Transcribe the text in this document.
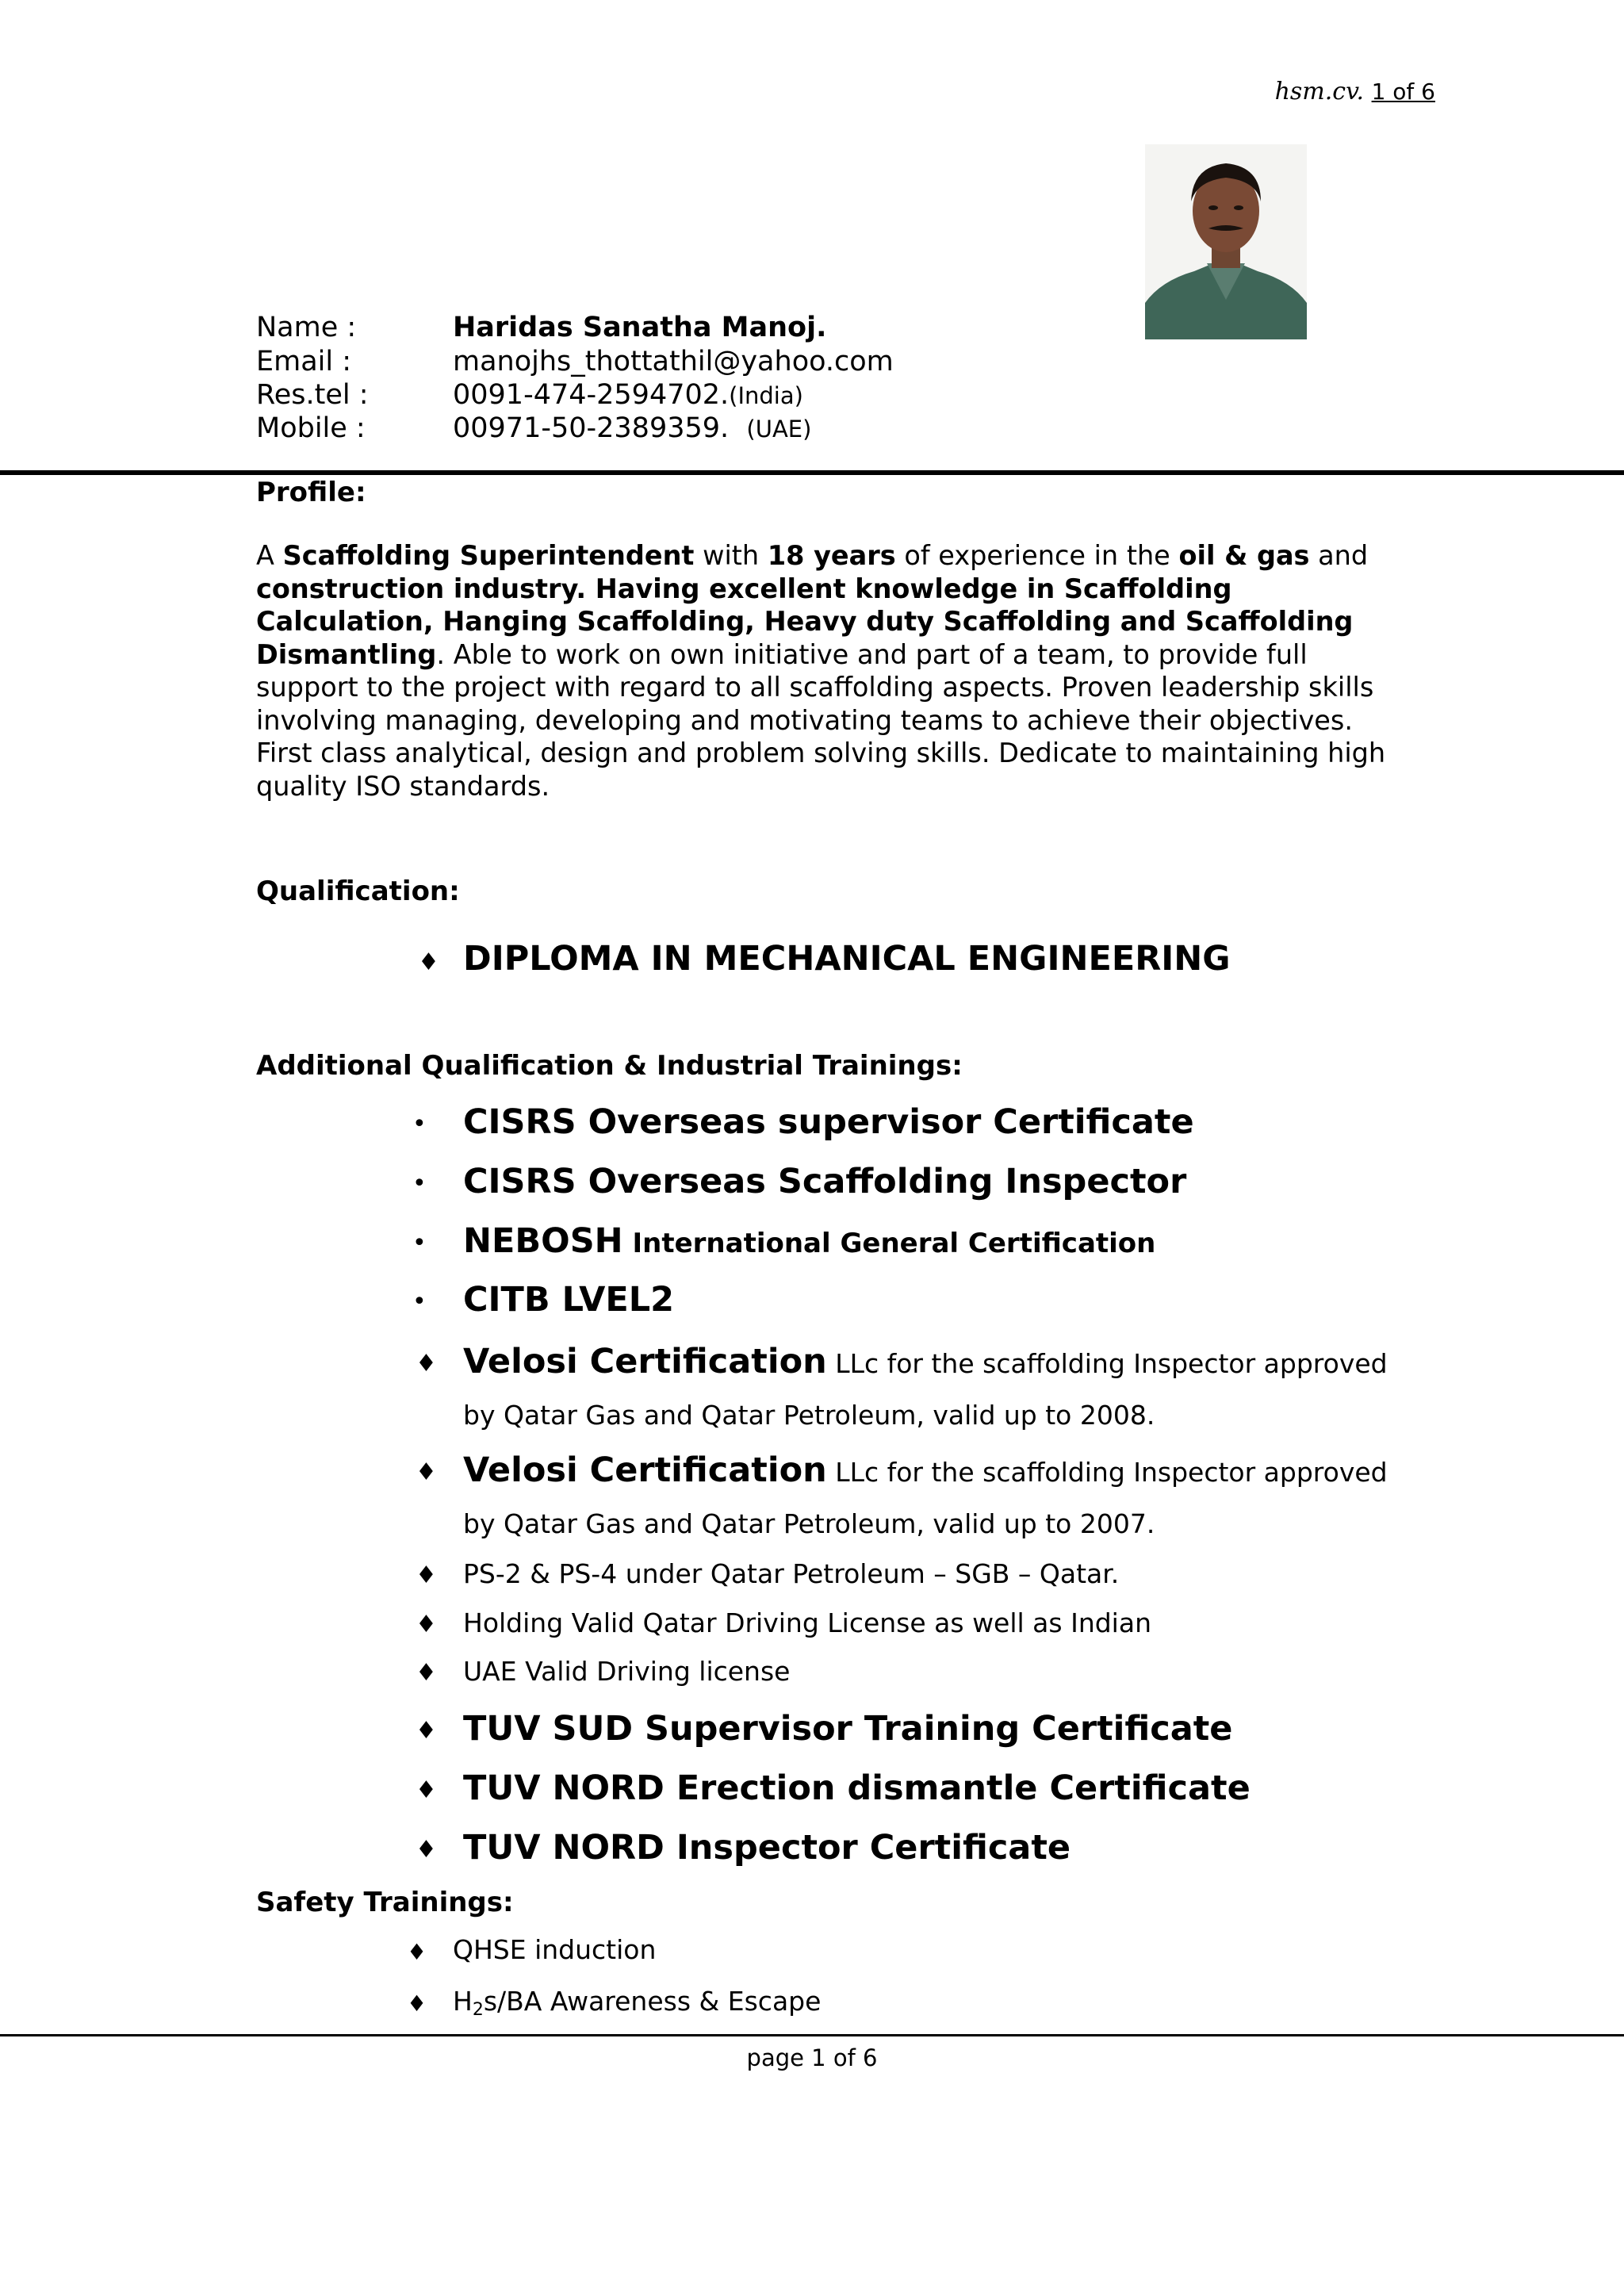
hsm.cv. 1 of 6
Name :	Haridas Sanatha Manoj.
Email :	manojhs_thottathil@yahoo.com
Res.tel :	0091-474-2594702.(India)
Mobile :	00971-50-2389359. (UAE)
Profile:
A Scaffolding Superintendent with 18 years of experience in the oil & gas and
construction industry. Having excellent knowledge in Scaffolding
Calculation, Hanging Scaffolding, Heavy duty Scaffolding and Scaffolding
Dismantling. Able to work on own initiative and part of a team, to provide full
support to the project with regard to all scaffolding aspects. Proven leadership skills
involving managing, developing and motivating teams to achieve their objectives.
First class analytical, design and problem solving skills. Dedicate to maintaining high
quality ISO standards.
Qualification:
♦ DIPLOMA IN MECHANICAL ENGINEERING
Additional Qualification & Industrial Trainings:
• CISRS Overseas supervisor Certificate
• CISRS Overseas Scaffolding Inspector
• NEBOSH International General Certification
• CITB LVEL2
♦ Velosi Certification LLc for the scaffolding Inspector approved
by Qatar Gas and Qatar Petroleum, valid up to 2008.
♦ Velosi Certification LLc for the scaffolding Inspector approved
by Qatar Gas and Qatar Petroleum, valid up to 2007.
♦ PS-2 & PS-4 under Qatar Petroleum – SGB – Qatar.
♦ Holding Valid Qatar Driving License as well as Indian
♦ UAE Valid Driving license
♦ TUV SUD Supervisor Training Certificate
♦ TUV NORD Erection dismantle Certificate
♦ TUV NORD Inspector Certificate
Safety Trainings:
♦ QHSE induction
♦ H2s/BA Awareness & Escape
page 1 of 6
